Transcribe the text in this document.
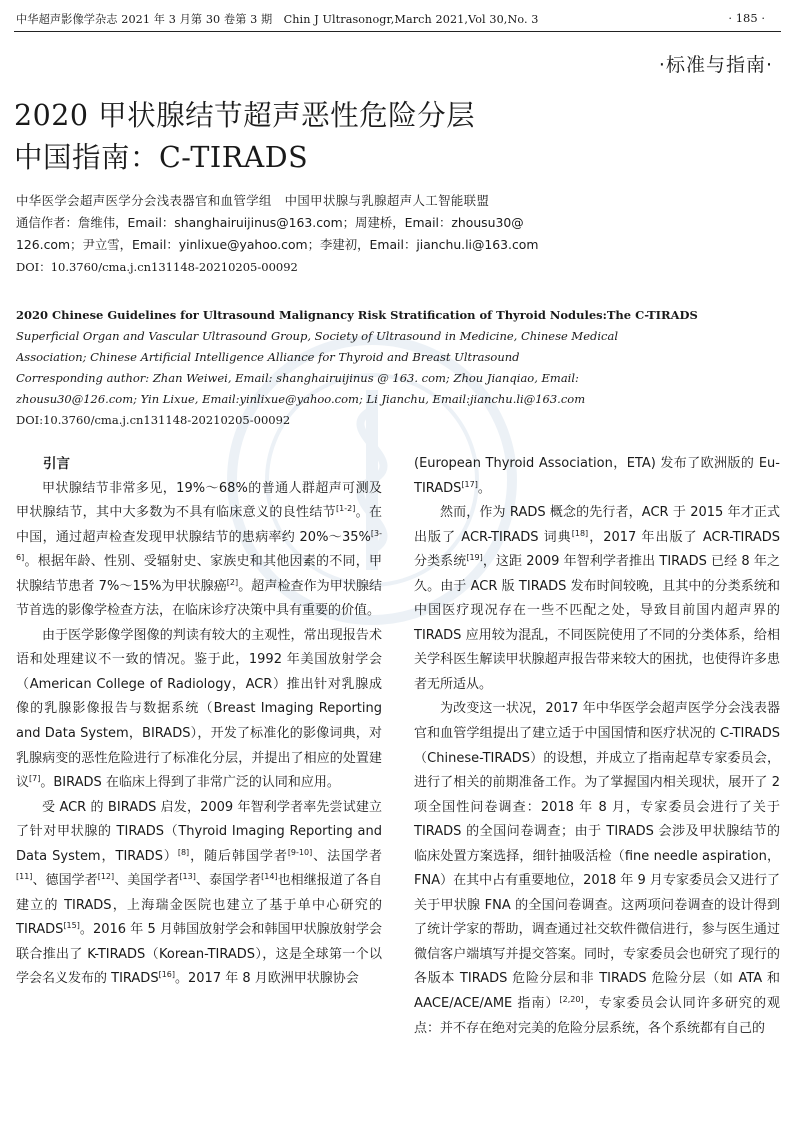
中华超声影像学杂志 2021 年 3 月第 30 卷第 3 期　Chin J Ultrasonogr,March 2021,Vol 30,No. 3	· 185 ·
·标准与指南·
2020 甲状腺结节超声恶性危险分层
中国指南：C-TIRADS
中华医学会超声医学分会浅表器官和血管学组　中国甲状腺与乳腺超声人工智能联盟
通信作者：詹维伟，Email：shanghairuijinus@163.com；周建桥，Email：zhousu30@
126.com；尹立雪，Email：yinlixue@yahoo.com；李建初，Email：jianchu.li@163.com
DOI：10.3760/cma.j.cn131148-20210205-00092
2020 Chinese Guidelines for Ultrasound Malignancy Risk Stratification of Thyroid Nodules:The C-TIRADS
Superficial Organ and Vascular Ultrasound Group, Society of Ultrasound in Medicine, Chinese Medical
Association; Chinese Artificial Intelligence Alliance for Thyroid and Breast Ultrasound
Corresponding author: Zhan Weiwei, Email: shanghairuijinus @ 163. com; Zhou Jianqiao, Email:
zhousu30@126.com; Yin Lixue, Email:yinlixue@yahoo.com; Li Jianchu, Email:jianchu.li@163.com
DOI:10.3760/cma.j.cn131148-20210205-00092
引言

甲状腺结节非常多见，19%～68%的普通人群超声可测及甲状腺结节，其中大多数为不具有临床意义的良性结节[1-2]。在中国，通过超声检查发现甲状腺结节的患病率约 20%～35%[3-6]。根据年龄、性别、受辐射史、家族史和其他因素的不同，甲状腺结节患者 7%～15%为甲状腺癌[2]。超声检查作为甲状腺结节首选的影像学检查方法，在临床诊疗决策中具有重要的价值。

由于医学影像学图像的判读有较大的主观性，常出现报告术语和处理建议不一致的情况。鉴于此，1992 年美国放射学会（American College of Radiology，ACR）推出针对乳腺成像的乳腺影像报告与数据系统（Breast Imaging Reporting and Data System，BIRADS），开发了标准化的影像词典，对乳腺病变的恶性危险进行了标准化分层，并提出了相应的处置建议[7]。BIRADS 在临床上得到了非常广泛的认同和应用。

受 ACR 的 BIRADS 启发，2009 年智利学者率先尝试建立了针对甲状腺的 TIRADS（Thyroid Imaging Reporting and Data System，TIRADS）[8]，随后韩国学者[9-10]、法国学者[11]、德国学者[12]、美国学者[13]、泰国学者[14]也相继报道了各自建立的 TIRADS，上海瑞金医院也建立了基于单中心研究的 TIRADS[15]。2016 年 5 月韩国放射学会和韩国甲状腺放射学会联合推出了 K-TIRADS（Korean-TIRADS），这是全球第一个以学会名义发布的 TIRADS[16]。2017 年 8 月欧洲甲状腺协会

(European Thyroid Association，ETA) 发布了欧洲版的 Eu-TIRADS[17]。

然而，作为 RADS 概念的先行者，ACR 于 2015 年才正式出版了 ACR-TIRADS 词典[18]，2017 年出版了 ACR-TIRADS 分类系统[19]，这距 2009 年智利学者推出 TIRADS 已经 8 年之久。由于 ACR 版 TIRADS 发布时间较晚，且其中的分类系统和中国医疗现况存在一些不匹配之处，导致目前国内超声界的 TIRADS 应用较为混乱，不同医院使用了不同的分类体系，给相关学科医生解读甲状腺超声报告带来较大的困扰，也使得许多患者无所适从。

为改变这一状况，2017 年中华医学会超声医学分会浅表器官和血管学组提出了建立适于中国国情和医疗状况的 C-TIRADS（Chinese-TIRADS）的设想，并成立了指南起草专家委员会，进行了相关的前期准备工作。为了掌握国内相关现状，展开了 2 项全国性问卷调查：2018 年 8 月，专家委员会进行了关于 TIRADS 的全国问卷调查；由于 TIRADS 会涉及甲状腺结节的临床处置方案选择，细针抽吸活检（fine needle aspiration，FNA）在其中占有重要地位，2018 年 9 月专家委员会又进行了关于甲状腺 FNA 的全国问卷调查。这两项问卷调查的设计得到了统计学家的帮助，调查通过社交软件微信进行，参与医生通过微信客户端填写并提交答案。同时，专家委员会也研究了现行的各版本 TIRADS 危险分层和非 TIRADS 危险分层（如 ATA 和 AACE/ACE/AME 指南）[2,20]，专家委员会认同许多研究的观点：并不存在绝对完美的危险分层系统，各个系统都有自己的
